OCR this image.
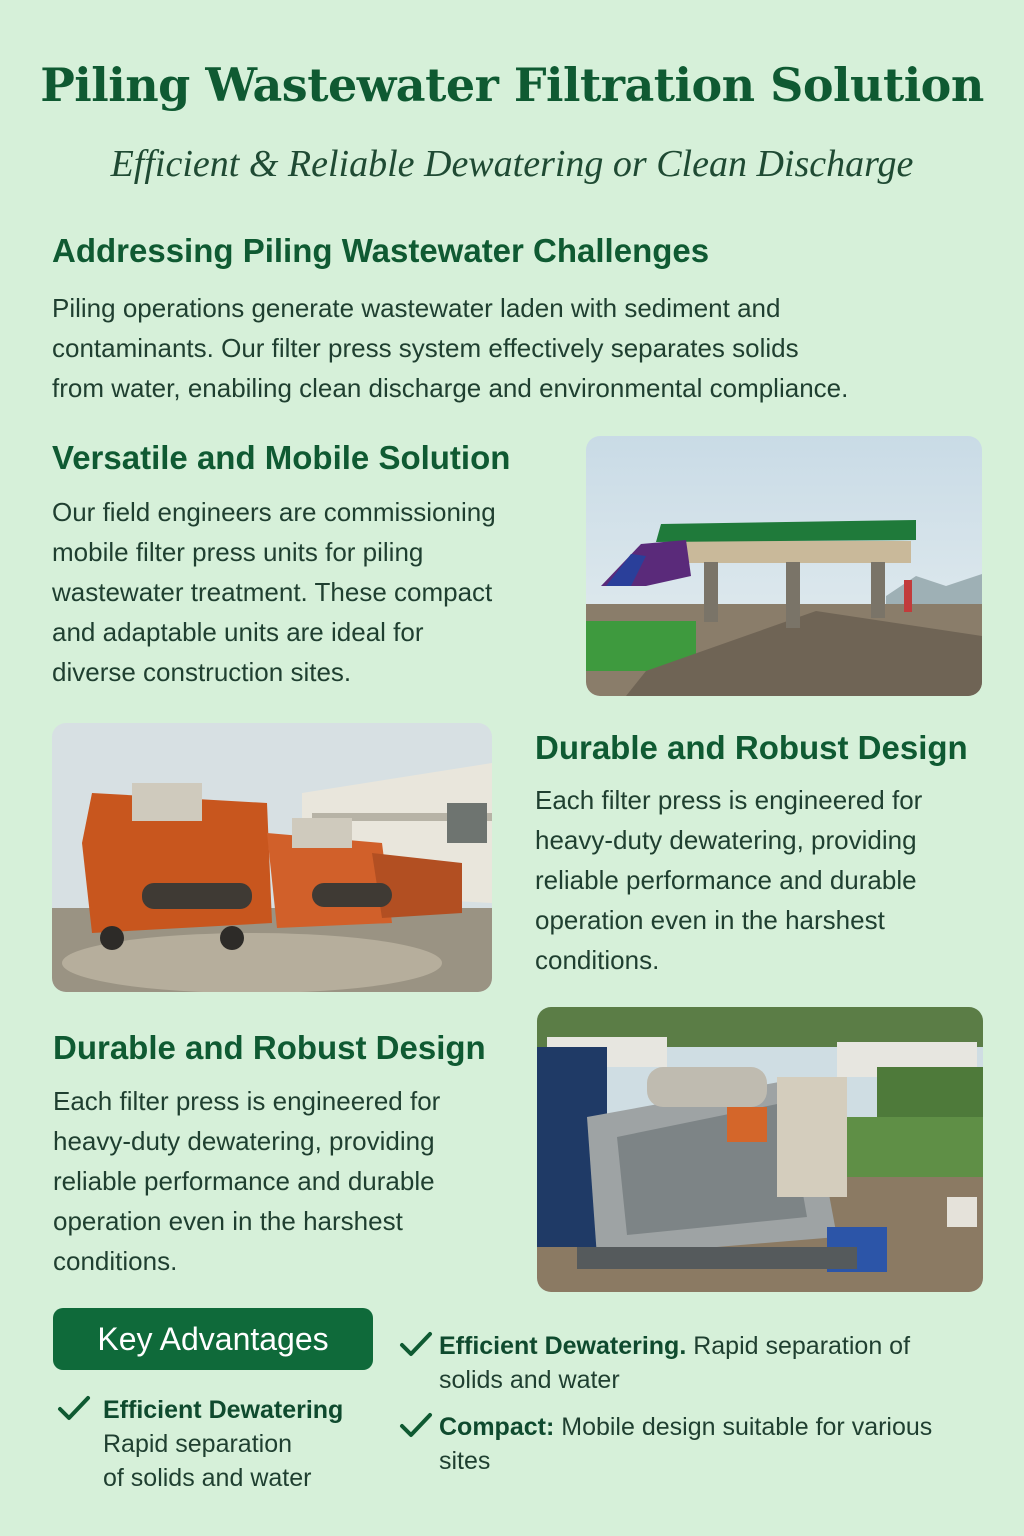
Piling Wastewater Filtration Solution
Efficient & Reliable Dewatering or Clean Discharge
Addressing Piling Wastewater Challenges
Piling operations generate wastewater laden with sediment and
contaminants. Our filter press system effectively separates solids
from water, enabiling clean discharge and environmental compliance.
Versatile and Mobile Solution
Our field engineers are commissioning
mobile filter press units for piling
wastewater treatment. These compact
and adaptable units are ideal for
diverse construction sites.
Durable and Robust Design
Each filter press is engineered for
heavy-duty dewatering, providing
reliable performance and durable
operation even in the harshest
conditions.
Durable and Robust Design
Each filter press is engineered for
heavy-duty dewatering, providing
reliable performance and durable
operation even in the harshest
conditions.
Key Advantages
Efficient Dewatering
Rapid separation
of solids and water
Efficient Dewatering. Rapid separation of
solids and water
Compact: Mobile design suitable for various
sites
